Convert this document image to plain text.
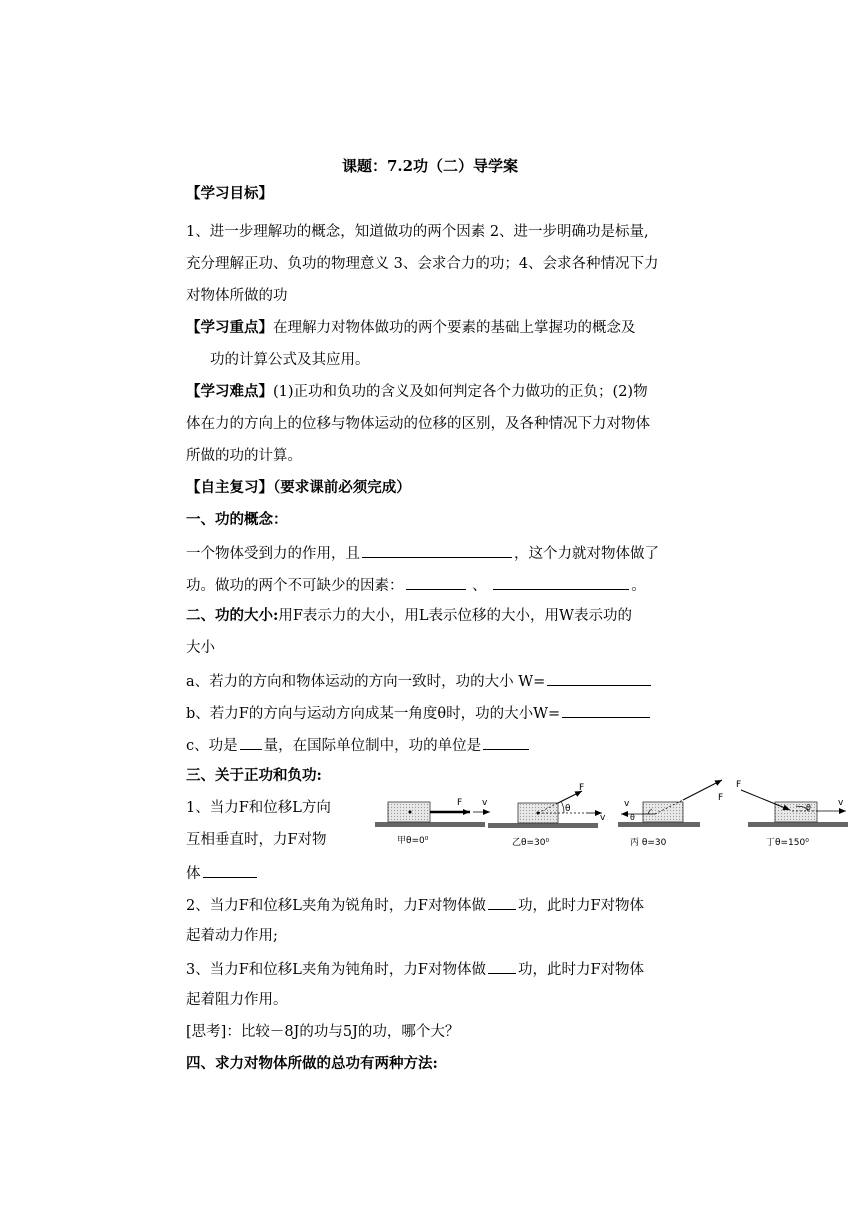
课题：7.2功（二）导学案
【学习目标】
1、进一步理解功的概念，知道做功的两个因素 2、进一步明确功是标量,
充分理解正功、负功的物理意义 3、会求合力的功；4、会求各种情况下力
对物体所做的功
【学习重点】在理解力对物体做功的两个要素的基础上掌握功的概念及
功的计算公式及其应用。
【学习难点】(1)正功和负功的含义及如何判定各个力做功的正负；(2)物
体在力的方向上的位移与物体运动的位移的区别，及各种情况下力对物体
所做的功的计算。
【自主复习】（要求课前必须完成）
一、功的概念：
一个物体受到力的作用，且	，这个力就对物体做了
功。做功的两个不可缺少的因素：	、	。
二、功的大小:用F表示力的大小，用L表示位移的大小，用W表示功的
大小
a、若力的方向和物体运动的方向一致时，功的大小 W=
b、若力F的方向与运动方向成某一角度θ时，功的大小W=
c、功是 量，在国际单位制中，功的单位是
三、关于正功和负功:
1、当力F和位移L方向
互相垂直时，力F对物
体
F v
甲θ=0⁰
F
θ
v
乙θ=30⁰
v
F
θ
丙 θ=30
F
θ	v
丁θ=150⁰
2、当力F和位移L夹角为锐角时，力F对物体做 功，此时力F对物体
起着动力作用;
3、当力F和位移L夹角为钝角时，力F对物体做 功，此时力F对物体
起着阻力作用。
[思考]：比较－8J的功与5J的功，哪个大？
四、求力对物体所做的总功有两种方法:
